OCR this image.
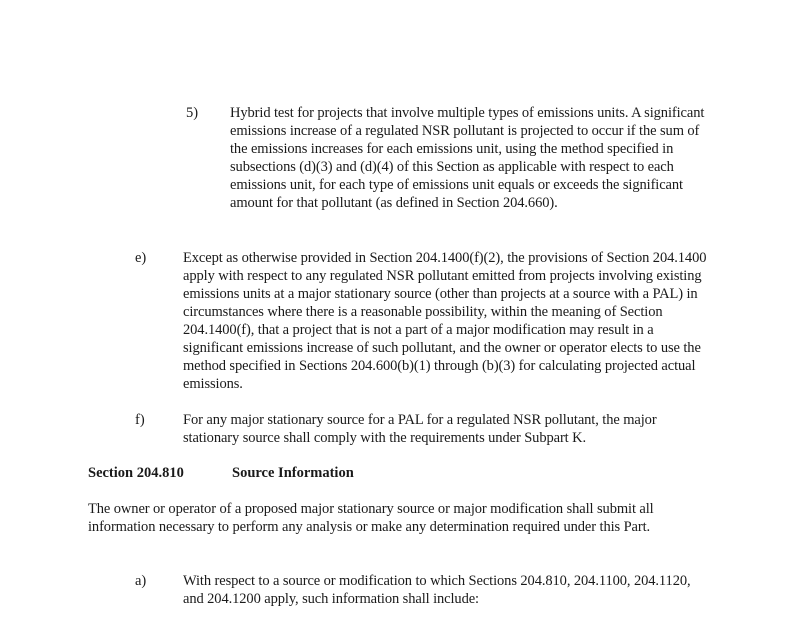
5) Hybrid test for projects that involve multiple types of emissions units. A significant emissions increase of a regulated NSR pollutant is projected to occur if the sum of the emissions increases for each emissions unit, using the method specified in subsections (d)(3) and (d)(4) of this Section as applicable with respect to each emissions unit, for each type of emissions unit equals or exceeds the significant amount for that pollutant (as defined in Section 204.660).
e)	Except as otherwise provided in Section 204.1400(f)(2), the provisions of Section 204.1400 apply with respect to any regulated NSR pollutant emitted from projects involving existing emissions units at a major stationary source (other than projects at a source with a PAL) in circumstances where there is a reasonable possibility, within the meaning of Section 204.1400(f), that a project that is not a part of a major modification may result in a significant emissions increase of such pollutant, and the owner or operator elects to use the method specified in Sections 204.600(b)(1) through (b)(3) for calculating projected actual emissions.
f)	For any major stationary source for a PAL for a regulated NSR pollutant, the major stationary source shall comply with the requirements under Subpart K.
Section 204.810	Source Information
The owner or operator of a proposed major stationary source or major modification shall submit all information necessary to perform any analysis or make any determination required under this Part.
a)	With respect to a source or modification to which Sections 204.810, 204.1100, 204.1120, and 204.1200 apply, such information shall include:
